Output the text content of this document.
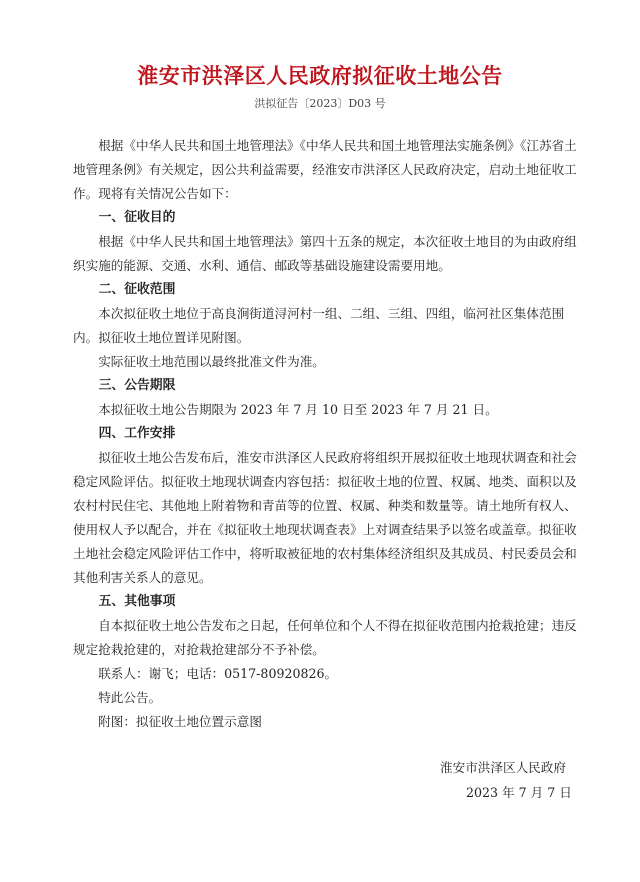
淮安市洪泽区人民政府拟征收土地公告
洪拟征告〔2023〕D03 号

根据《中华人民共和国土地管理法》《中华人民共和国土地管理法实施条例》《江苏省土地管理条例》有关规定，因公共利益需要，经淮安市洪泽区人民政府决定，启动土地征收工作。现将有关情况公告如下：

一、征收目的

根据《中华人民共和国土地管理法》第四十五条的规定，本次征收土地目的为由政府组织实施的能源、交通、水利、通信、邮政等基础设施建设需要用地。

二、征收范围

本次拟征收土地位于高良涧街道浔河村一组、二组、三组、四组，临河社区集体范围内。拟征收土地位置详见附图。

实际征收土地范围以最终批准文件为准。

三、公告期限

本拟征收土地公告期限为 2023 年 7 月 10 日至 2023 年 7 月 21 日。

四、工作安排

拟征收土地公告发布后，淮安市洪泽区人民政府将组织开展拟征收土地现状调查和社会稳定风险评估。拟征收土地现状调查内容包括：拟征收土地的位置、权属、地类、面积以及农村村民住宅、其他地上附着物和青苗等的位置、权属、种类和数量等。请土地所有权人、使用权人予以配合，并在《拟征收土地现状调查表》上对调查结果予以签名或盖章。拟征收土地社会稳定风险评估工作中，将听取被征地的农村集体经济组织及其成员、村民委员会和其他利害关系人的意见。

五、其他事项

自本拟征收土地公告发布之日起，任何单位和个人不得在拟征收范围内抢栽抢建；违反规定抢栽抢建的，对抢栽抢建部分不予补偿。

联系人：谢飞；电话：0517-80920826。

特此公告。

附图：拟征收土地位置示意图

淮安市洪泽区人民政府
2023 年 7 月 7 日
